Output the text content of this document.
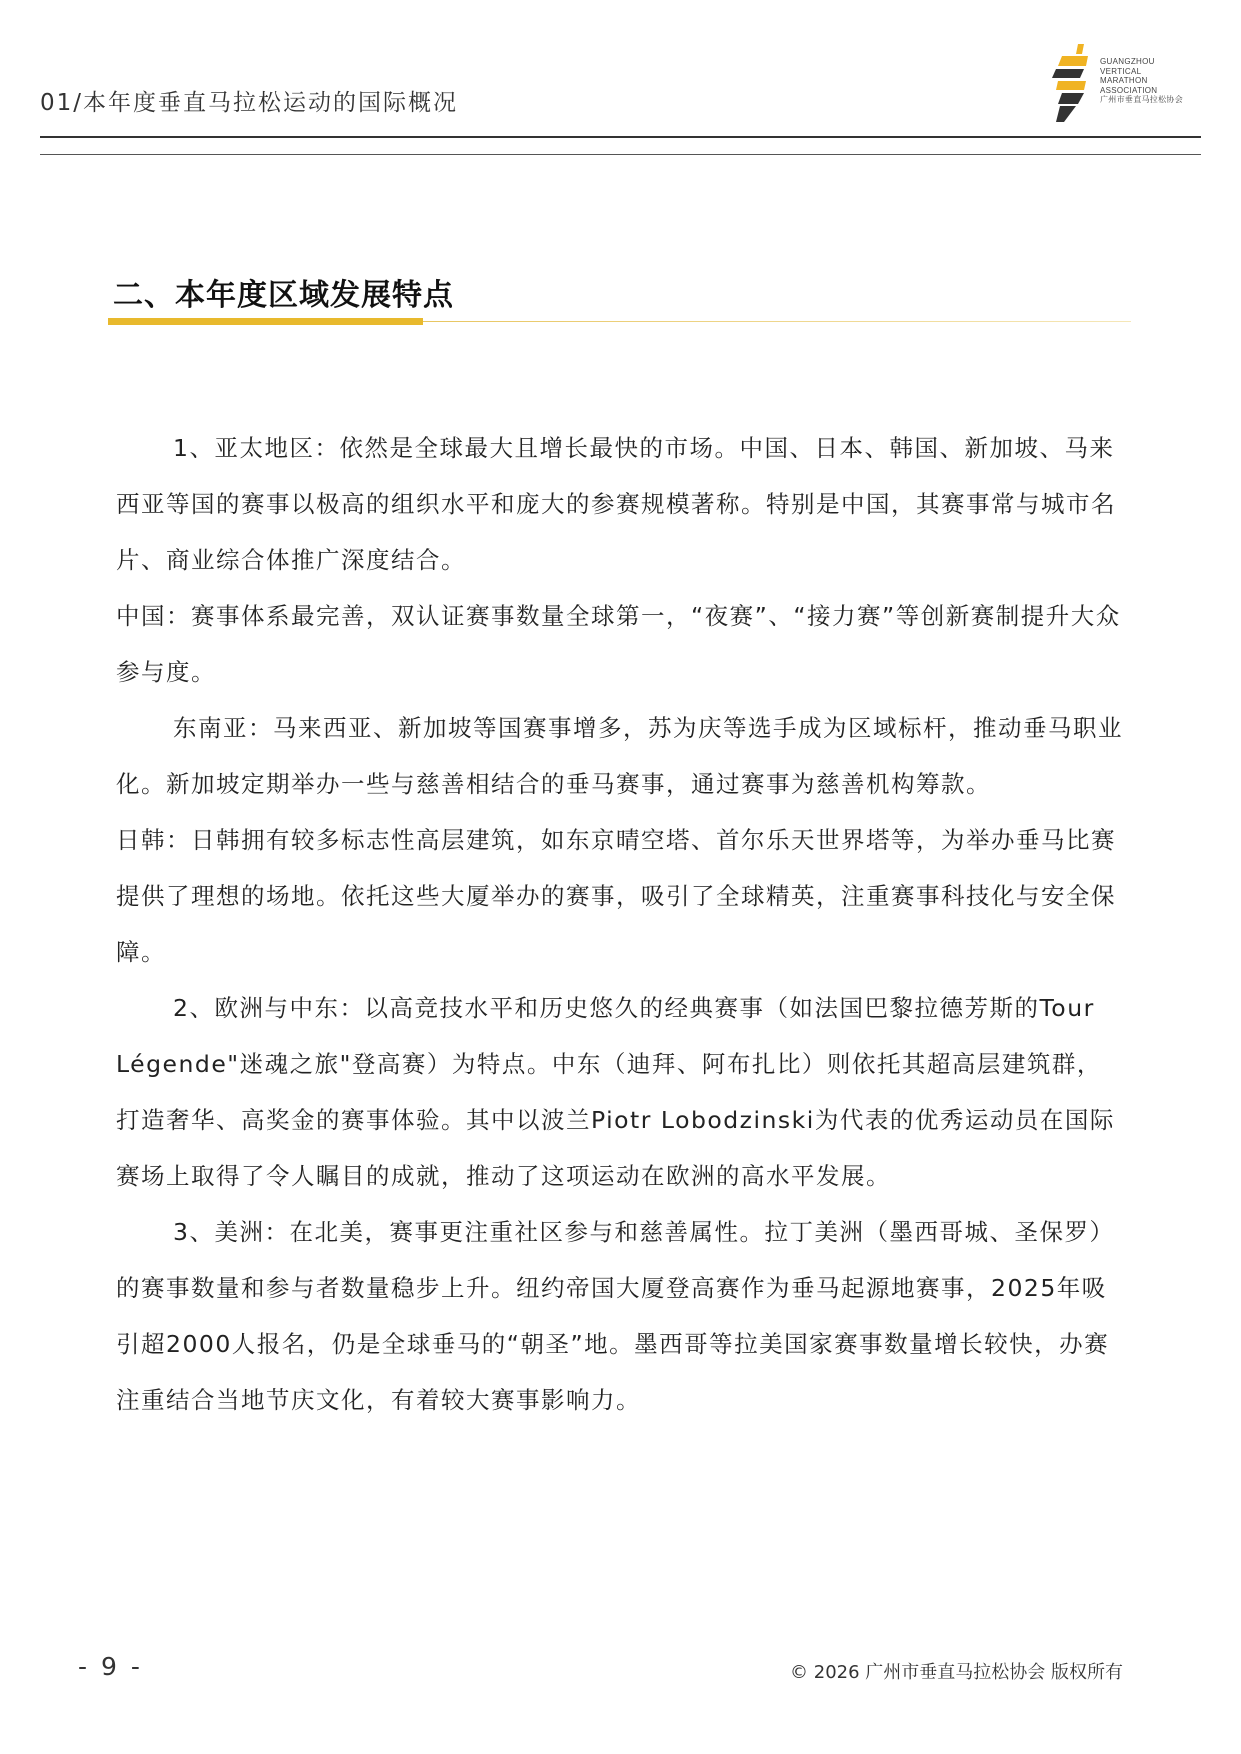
01/本年度垂直马拉松运动的国际概况
GUANGZHOU
VERTICAL
MARATHON
ASSOCIATION
广州市垂直马拉松协会
二、本年度区域发展特点

1、亚太地区：依然是全球最大且增长最快的市场。中国、日本、韩国、新加坡、马来西亚等国的赛事以极高的组织水平和庞大的参赛规模著称。特别是中国，其赛事常与城市名片、商业综合体推广深度结合。

中国：赛事体系最完善，双认证赛事数量全球第一，“夜赛”、“接力赛”等创新赛制提升大众参与度。

东南亚：马来西亚、新加坡等国赛事增多，苏为庆等选手成为区域标杆，推动垂马职业化。新加坡定期举办一些与慈善相结合的垂马赛事，通过赛事为慈善机构筹款。

日韩：日韩拥有较多标志性高层建筑，如东京晴空塔、首尔乐天世界塔等，为举办垂马比赛提供了理想的场地。依托这些大厦举办的赛事，吸引了全球精英，注重赛事科技化与安全保障。

2、欧洲与中东：以高竞技水平和历史悠久的经典赛事（如法国巴黎拉德芳斯的Tour Légende"迷魂之旅"登高赛）为特点。中东（迪拜、阿布扎比）则依托其超高层建筑群，打造奢华、高奖金的赛事体验。其中以波兰Piotr Lobodzinski为代表的优秀运动员在国际赛场上取得了令人瞩目的成就，推动了这项运动在欧洲的高水平发展。

3、美洲：在北美，赛事更注重社区参与和慈善属性。拉丁美洲（墨西哥城、圣保罗）的赛事数量和参与者数量稳步上升。纽约帝国大厦登高赛作为垂马起源地赛事，2025年吸引超2000人报名，仍是全球垂马的“朝圣”地。墨西哥等拉美国家赛事数量增长较快，办赛注重结合当地节庆文化，有着较大赛事影响力。

- 9 -	© 2026 广州市垂直马拉松协会 版权所有
